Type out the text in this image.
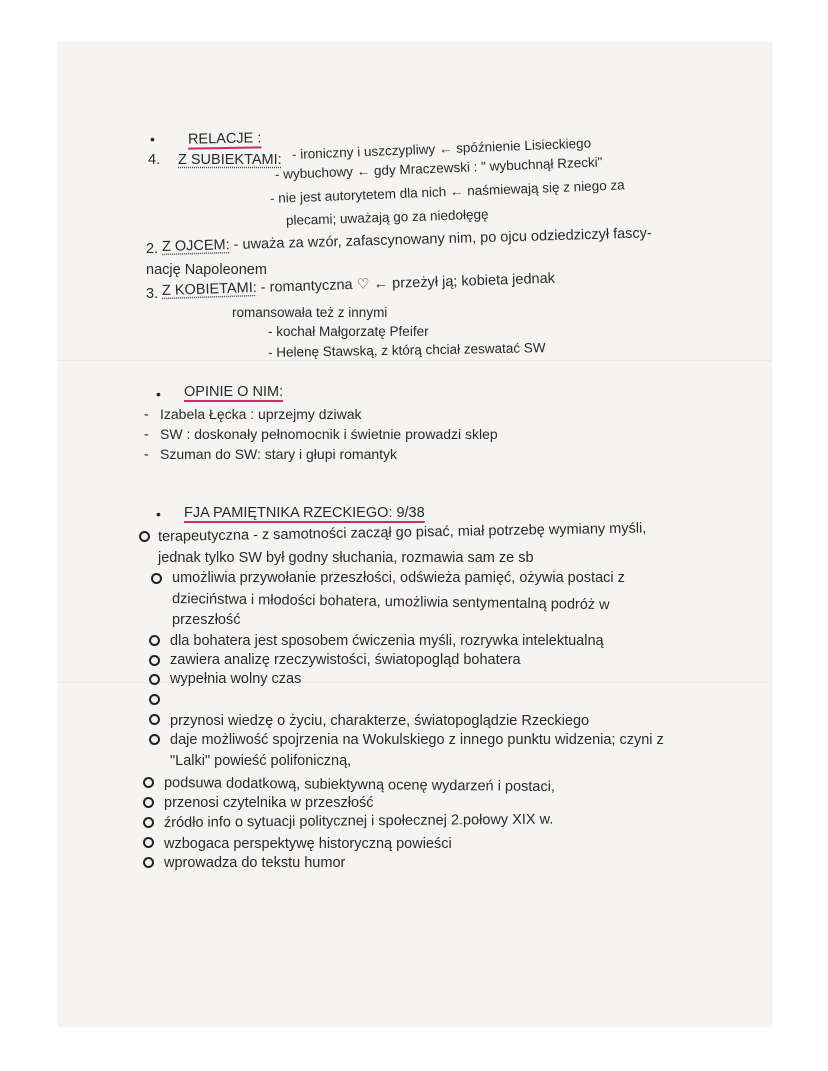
• RELACJE :
4. Z SUBIEKTAMI: - ironiczny i uszczypliwy ← spóźnienie Lisieckiego
- wybuchowy ← gdy Mraczewski : " wybuchnął Rzecki"
- nie jest autorytetem dla nich ← naśmiewają się z niego za
plecami; uważają go za niedołęgę
2. Z OJCEM: - uważa za wzór, zafascynowany nim, po ojcu odziedziczył fascy-
nację Napoleonem
3. Z KOBIETAMI: - romantyczna ♡ ← przeżył ją; kobieta jednak
romansowała też z innymi
- kochał Małgorzatę Pfeifer
- Helenę Stawską, z którą chciał zeswatać SW
• OPINIE O NIM:
- Izabela Łęcka : uprzejmy dziwak
- SW : doskonały pełnomocnik i świetnie prowadzi sklep
- Szuman do SW: stary i głupi romantyk
• FJA PAMIĘTNIKA RZECKIEGO: 9/38
terapeutyczna - z samotności zaczął go pisać, miał potrzebę wymiany myśli,
jednak tylko SW był godny słuchania, rozmawia sam ze sb
umożliwia przywołanie przeszłości, odświeża pamięć, ożywia postaci z
dzieciństwa i młodości bohatera, umożliwia sentymentalną podróż w
przeszłość
dla bohatera jest sposobem ćwiczenia myśli, rozrywka intelektualną
zawiera analizę rzeczywistości, światopogląd bohatera
wypełnia wolny czas
przynosi wiedzę o życiu, charakterze, światopoglądzie Rzeckiego
daje możliwość spojrzenia na Wokulskiego z innego punktu widzenia; czyni z
"Lalki" powieść polifoniczną,
podsuwa dodatkową, subiektywną ocenę wydarzeń i postaci,
przenosi czytelnika w przeszłość
źródło info o sytuacji politycznej i społecznej 2.połowy XIX w.
wzbogaca perspektywę historyczną powieści
wprowadza do tekstu humor
